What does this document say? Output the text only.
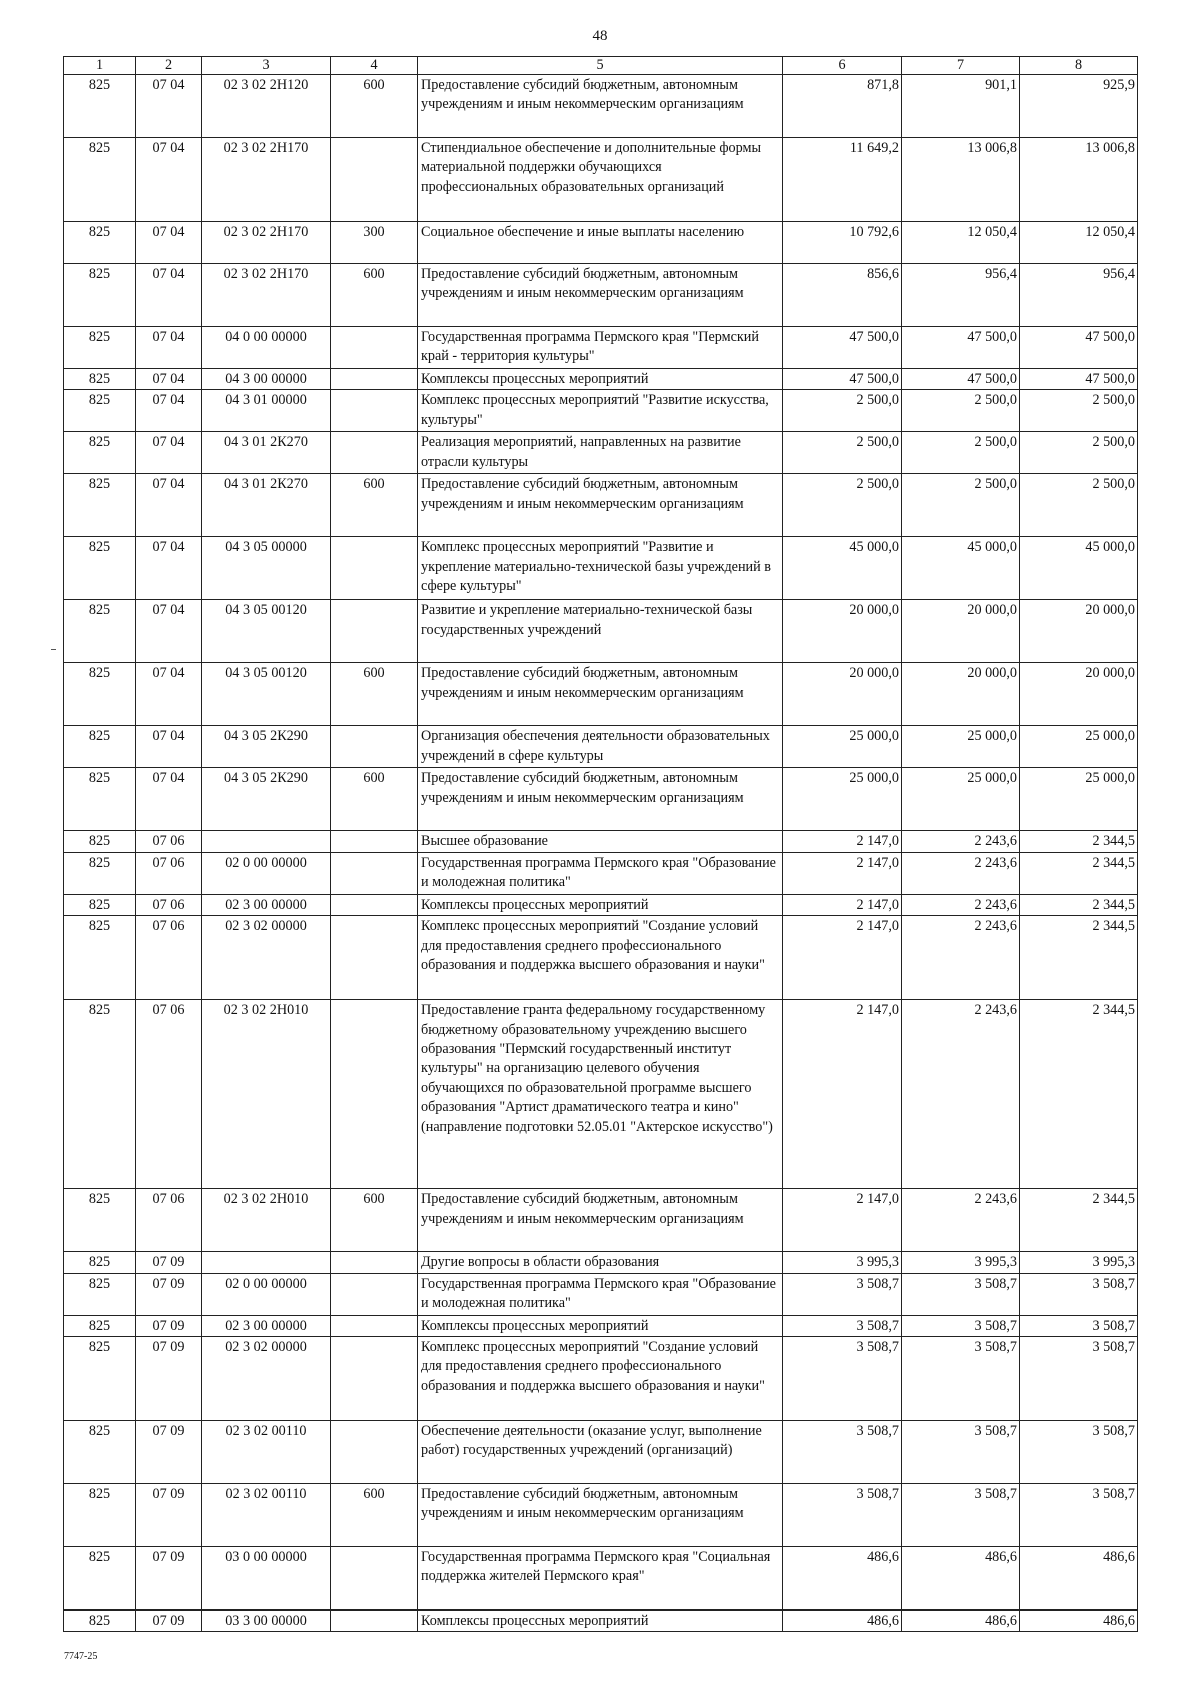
48
1	2	3	4	5	6	7	8
825	07 04	02 3 02 2Н120	600	Предоставление субсидий бюджетным, автономным учреждениям и иным некоммерческим организациям	871,8	901,1	925,9
825	07 04	02 3 02 2Н170		Стипендиальное обеспечение и дополнительные формы материальной поддержки обучающихся профессиональных образовательных организаций	11 649,2	13 006,8	13 006,8
825	07 04	02 3 02 2Н170	300	Социальное обеспечение и иные выплаты населению	10 792,6	12 050,4	12 050,4
825	07 04	02 3 02 2Н170	600	Предоставление субсидий бюджетным, автономным учреждениям и иным некоммерческим организациям	856,6	956,4	956,4
825	07 04	04 0 00 00000		Государственная программа Пермского края "Пермский край - территория культуры"	47 500,0	47 500,0	47 500,0
825	07 04	04 3 00 00000		Комплексы процессных мероприятий	47 500,0	47 500,0	47 500,0
825	07 04	04 3 01 00000		Комплекс процессных мероприятий "Развитие искусства, культуры"	2 500,0	2 500,0	2 500,0
825	07 04	04 3 01 2К270		Реализация мероприятий, направленных на развитие отрасли культуры	2 500,0	2 500,0	2 500,0
825	07 04	04 3 01 2К270	600	Предоставление субсидий бюджетным, автономным учреждениям и иным некоммерческим организациям	2 500,0	2 500,0	2 500,0
825	07 04	04 3 05 00000		Комплекс процессных мероприятий "Развитие и укрепление материально-технической базы учреждений в сфере культуры"	45 000,0	45 000,0	45 000,0
825	07 04	04 3 05 00120		Развитие и укрепление материально-технической базы государственных учреждений	20 000,0	20 000,0	20 000,0
825	07 04	04 3 05 00120	600	Предоставление субсидий бюджетным, автономным учреждениям и иным некоммерческим организациям	20 000,0	20 000,0	20 000,0
825	07 04	04 3 05 2К290		Организация обеспечения деятельности образовательных учреждений в сфере культуры	25 000,0	25 000,0	25 000,0
825	07 04	04 3 05 2К290	600	Предоставление субсидий бюджетным, автономным учреждениям и иным некоммерческим организациям	25 000,0	25 000,0	25 000,0
825	07 06			Высшее образование	2 147,0	2 243,6	2 344,5
825	07 06	02 0 00 00000		Государственная программа Пермского края "Образование и молодежная политика"	2 147,0	2 243,6	2 344,5
825	07 06	02 3 00 00000		Комплексы процессных мероприятий	2 147,0	2 243,6	2 344,5
825	07 06	02 3 02 00000		Комплекс процессных мероприятий "Создание условий для предоставления среднего профессионального образования и поддержка высшего образования и науки"	2 147,0	2 243,6	2 344,5
825	07 06	02 3 02 2Н010		Предоставление гранта федеральному государственному бюджетному образовательному учреждению высшего образования "Пермский государственный институт культуры" на организацию целевого обучения обучающихся по образовательной программе высшего образования "Артист драматического театра и кино" (направление подготовки 52.05.01 "Актерское искусство")	2 147,0	2 243,6	2 344,5
825	07 06	02 3 02 2Н010	600	Предоставление субсидий бюджетным, автономным учреждениям и иным некоммерческим организациям	2 147,0	2 243,6	2 344,5
825	07 09			Другие вопросы в области образования	3 995,3	3 995,3	3 995,3
825	07 09	02 0 00 00000		Государственная программа Пермского края "Образование и молодежная политика"	3 508,7	3 508,7	3 508,7
825	07 09	02 3 00 00000		Комплексы процессных мероприятий	3 508,7	3 508,7	3 508,7
825	07 09	02 3 02 00000		Комплекс процессных мероприятий "Создание условий для предоставления среднего профессионального образования и поддержка высшего образования и науки"	3 508,7	3 508,7	3 508,7
825	07 09	02 3 02 00110		Обеспечение деятельности (оказание услуг, выполнение работ) государственных учреждений (организаций)	3 508,7	3 508,7	3 508,7
825	07 09	02 3 02 00110	600	Предоставление субсидий бюджетным, автономным учреждениям и иным некоммерческим организациям	3 508,7	3 508,7	3 508,7
825	07 09	03 0 00 00000		Государственная программа Пермского края "Социальная поддержка жителей Пермского края"	486,6	486,6	486,6
825	07 09	03 3 00 00000		Комплексы процессных мероприятий	486,6	486,6	486,6
7747-25
